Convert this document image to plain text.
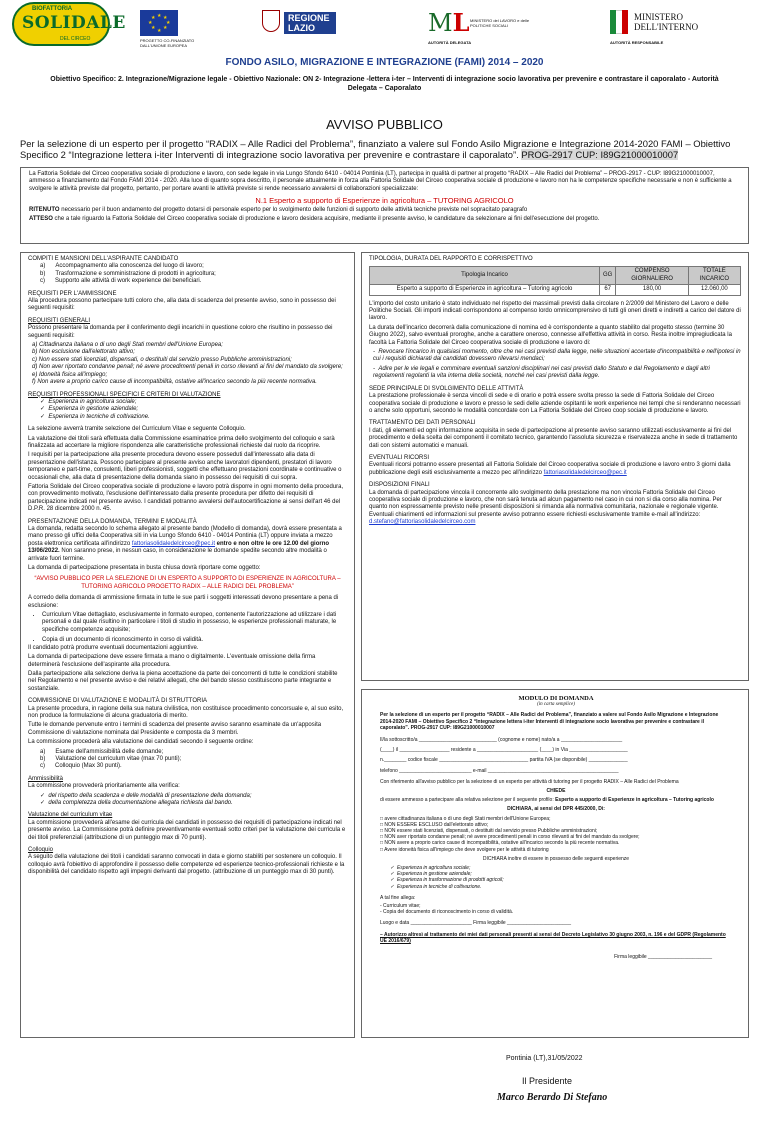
BIOFATTORIA
SOLIDALE
DEL CIRCEO
★ ★
★
★
★
★
★
★
PROGETTO CO-FINANZIATO DALL'UNIONE EUROPEA
REGIONE LAZIO	ML MINISTERO del LAVORO e delle POLITICHE SOCIALI
AUTORITÀ DELEGATA
MINISTERO DELL'INTERNO
AUTORITÀ RESPONSABILE
FONDO ASILO, MIGRAZIONE E INTEGRAZIONE (FAMI) 2014 – 2020
Obiettivo Specifico: 2. Integrazione/Migrazione legale - Obiettivo Nazionale: ON 2- Integrazione -lettera i-ter – Interventi di integrazione socio lavorativa per prevenire e contrastare il caporalato - Autorità Delegata – Caporalato
AVVISO PUBBLICO
Per la selezione di un esperto per il progetto “RADIX – Alle Radici del Problema”, finanziato a valere sul Fondo Asilo Migrazione e Integrazione 2014-2020 FAMI – Obiettivo Specifico 2 “Integrazione lettera i-iter Interventi di integrazione socio lavorativa per prevenire e contrastare il caporalato”. PROG-2917 CUP: I89G21000010007

La Fattoria Solidale del Circeo cooperativa sociale di produzione e lavoro, con sede legale in via Lungo Sfondo 6410 - 04014 Pontinia (LT), partecipa in qualità di partner al progetto “RADIX – Alle Radici del Problema” – PROG-2917 - CUP: I89G21000010007, ammesso a finanziamento dal Fondo FAMI 2014 - 2020. Alla luce di quanto sopra descritto, il personale attualmente in forza alla Fattoria Solidale del Circeo cooperativa sociale di produzione e lavoro non ha le competenze specifiche necessarie e non è sufficiente a svolgere le attività previste dal progetto, pertanto, per portare avanti le attività previste si rende necessario avvalersi di collaborazioni specializzate:

N.1 Esperto a supporto di Esperienze in agricoltura – TUTORING AGRICOLO

RITENUTO necessario per il buon andamento del progetto dotarsi di personale esperto per lo svolgimento delle funzioni di supporto delle attività tecniche previste nel sopracitato paragrafo

ATTESO che a tale riguardo la Fattoria Solidale del Circeo cooperativa sociale di produzione e lavoro desidera acquisire, mediante il presente avviso, le candidature da selezionare ai fini dell'esecuzione del progetto.

COMPITI E MANSIONI DELL'ASPIRANTE CANDIDATO
a)      Accompagnamento alla conoscenza del luogo di lavoro;
b)      Trasformazione e somministrazione di prodotti in agricoltura;
c)      Supporto alle attività di work experience dei beneficiari.
REQUISITI PER L'AMMISSIONE

Alla procedura possono partecipare tutti coloro che, alla data di scadenza del presente avviso, sono in possesso dei seguenti requisiti:

REQUISITI GENERALI

Possono presentare la domanda per il conferimento degli incarichi in questione coloro che risultino in possesso dei seguenti requisiti:

a) Cittadinanza italiana o di uno degli Stati membri dell'Unione Europea;
b) Non esclusione dall'elettorato attivo;
c) Non essere stati licenziati, dispensati, o destituiti dal servizio presso Pubbliche amministrazioni;
d) Non aver riportato condanne penali; né avere procedimenti penali in corso rilevanti ai fini del mandato da svolgere;
e) Idoneità fisica all'impiego;
f) Non avere a proprio carico cause di incompatibilità, ostative all'incarico secondo la più recente normativa.
REQUISITI PROFESSIONALI SPECIFICI E CRITERI DI VALUTAZIONE
✓  Esperienza in agricoltura sociale;
✓  Esperienza in gestione aziendale;
✓  Esperienza in tecniche di coltivazione.

La selezione avverrà tramite selezione del Curriculum Vitae e seguente Colloquio.

La valutazione dei titoli sarà effettuata dalla Commissione esaminatrice prima dello svolgimento del colloquio e sarà finalizzata ad accertare la migliore rispondenza alle caratteristiche professionali richieste dal ruolo da ricoprire.

I requisiti per la partecipazione alla presente procedura devono essere posseduti dall'interessato alla data di presentazione dell'istanza. Possono partecipare al presente avviso anche lavoratori dipendenti, prestatori di lavoro temporaneo e part-time, consulenti, liberi professionisti, soggetti che effettuano prestazioni coordinate e continuative o occasionali che, alla data di presentazione della domanda siano in possesso dei requisiti di cui sopra.

Fattoria Solidale del Circeo cooperativa sociale di produzione e lavoro potrà disporre in ogni momento della procedura, con provvedimento motivato, l'esclusione dell'interessato dalla presente procedura per difetto dei requisiti di partecipazione indicati nel presente avviso. I candidati potranno avvalersi dell'autocertificazione ai sensi dell'art 46 del D.P.R. 28 dicembre 2000 n. 45.

PRESENTAZIONE DELLA DOMANDA, TERMINI E MODALITÀ

La domanda, redatta secondo lo schema allegato al presente bando (Modello di domanda), dovrà essere presentata a mano presso gli uffici della Cooperativa siti in via Lungo Sfondo 6410 - 04014 Pontinia (LT) oppure inviata a mezzo posta elettronica certificata all'indirizzo fattoriasolidaledelcirceo@pec.it entro e non oltre le ore 12.00 del giorno 13/06/2022. Non saranno prese, in nessun caso, in considerazione le domande spedite secondo altre modalità o arrivate fuori termine.

La domanda di partecipazione presentata in busta chiusa dovrà riportare come oggetto:

“AVVISO PUBBLICO PER LA SELEZIONE DI UN ESPERTO A SUPPORTO DI ESPERIENZE IN AGRICOLTURA – TUTORING AGRICOLO PROGETTO RADIX – ALLE RADICI DEL PROBLEMA”

A corredo della domanda di ammissione firmata in tutte le sue parti i soggetti interessati devono presentare a pena di esclusione:

• Curriculum Vitae dettagliato, esclusivamente in formato europeo, contenente l'autorizzazione ad utilizzare i dati personali e dal quale risultino in particolare i titoli di studio in possesso, le esperienze professionali maturate, le specifiche competenze acquisite;
• Copia di un documento di riconoscimento in corso di validità.

Il candidato potrà produrre eventuali documentazioni aggiuntive.

La domanda di partecipazione deve essere firmata a mano o digitalmente. L'eventuale omissione della firma determinerà l'esclusione dell'aspirante alla procedura.

Dalla partecipazione alla selezione deriva la piena accettazione da parte dei concorrenti di tutte le condizioni stabilite nel Regolamento e nel presente avviso e dei relativi allegati, che del bando stesso costituiscono parte integrante e sostanziale.

COMMISSIONE DI VALUTAZIONE E MODALITÀ DI STRUTTORIA

La presente procedura, in ragione della sua natura civilistica, non costituisce procedimento concorsuale e, al suo esito, non produce la formulazione di alcuna graduatoria di merito.

Tutte le domande pervenute entro i termini di scadenza del presente avviso saranno esaminate da un'apposita Commissione di valutazione nominata dal Presidente e composta da 3 membri.

La commissione procederà alla valutazione dei candidati secondo il seguente ordine:

a)      Esame dell'ammissibilità delle domande;
b)      Valutazione del curriculum vitae (max 70 punti);
c)      Colloquio (Max 30 punti).
Ammissibilità

La commissione provvederà prioritariamente alla verifica:

✓  del rispetto della scadenza e delle modalità di presentazione della domanda;
✓  della completezza della documentazione allegata richiesta dal bando.
Valutazione del curriculum vitae

La commissione provvederà all'esame dei curricula dei candidati in possesso dei requisiti di partecipazione indicati nel presente avviso. La Commissione potrà definire preventivamente eventuali sotto criteri per la valutazione dei curricula e dei titoli preferenziali (attribuzione di un punteggio max di 70 punti).

Colloquio

A seguito della valutazione dei titoli i candidati saranno convocati in data e giorno stabiliti per sostenere un colloquio. Il colloquio avrà l'obiettivo di approfondire il possesso delle competenze ed esperienze tecnico-professionali richieste e la disponibilità del candidato rispetto agli impegni derivanti dal progetto. (attribuzione di un punteggio max di 30 punti).

TIPOLOGIA, DURATA DEL RAPPORTO E CORRISPETTIVO
Tipologia Incarico	GG	COMPENSO GIORNALIERO	TOTALE INCARICO
Esperto a supporto di Esperienze in agricoltura – Tutoring agricolo	67	180,00	12.060,00

L'importo del costo unitario è stato individuato nel rispetto dei massimali previsti dalla circolare n 2/2009 del Ministero del Lavoro e delle Politiche Sociali. Gli importi indicati corrispondono al compenso lordo omnicomprensivo di tutti gli oneri diretti e indiretti a carico del datore di lavoro.

La durata dell'incarico decorrerà dalla comunicazione di nomina ed è corrispondente a quanto stabilito dal progetto stesso (termine 30 Giugno 2022), salvo eventuali proroghe, anche a carattere oneroso, connesse all'effettiva attività in corso. Resta inoltre impregiudicata la facoltà La Fattoria Solidale del Circeo cooperativa sociale di produzione e lavoro di:

-  Revocare l'incarico in qualsiasi momento, oltre che nei casi previsti dalla legge, nelle situazioni accertate d'incompatibilità e nell'ipotesi in cui i requisiti dichiarati dai candidati dovessero rilevarsi mendaci;
-  Adire per le vie legali e comminare eventuali sanzioni disciplinari nei casi previsti dallo Statuto e dal Regolamento e dagli altri regolamenti regolanti la vita interna della società, nonché nei casi previsti dalla legge.
SEDE PRINCIPALE DI SVOLGIMENTO DELLE ATTIVITÀ

La prestazione professionale è senza vincoli di sede e di orario e potrà essere svolta presso la sede di Fattoria Solidale del Circeo cooperativa sociale di produzione e lavoro e presso le sedi delle aziende ospitanti le work experience nei tempi che si renderanno necessari o anche solo opportuni, secondo le modalità concordate con La Fattoria Solidale del Circeo coop sociale di produzione e lavoro.

TRATTAMENTO DEI DATI PERSONALI

I dati, gli elementi ed ogni informazione acquisita in sede di partecipazione al presente avviso saranno utilizzati esclusivamente ai fini del procedimento e della scelta dei componenti il comitato tecnico, garantendo l'assoluta sicurezza e riservatezza anche in sede di trattamento dati con sistemi automatici e manuali.

EVENTUALI RICORSI

Eventuali ricorsi potranno essere presentati all Fattoria Solidale del Circeo cooperativa sociale di produzione e lavoro entro 3 giorni dalla pubblicazione degli esiti esclusivamente a mezzo pec all'indirizzo fattoriasolidaledelcirceo@pec.it

DISPOSIZIONI FINALI

La domanda di partecipazione vincola il concorrente allo svolgimento della prestazione ma non vincola Fattoria Solidale del Circeo cooperativa sociale di produzione e lavoro, che non sarà tenuta ad alcun pagamento nel caso in cui non si dia corso alla nomina. Per quanto non espressamente previsto nelle presenti disposizioni si rimanda alla normativa comunitaria, nazionale e regionale vigente. Eventuali chiarimenti ed informazioni sul presente avviso potranno essere richiesti esclusivamente tramite e-mail all'indirizzo: d.stefano@fattoriasolidaledelcirceo.com

MODULO DI DOMANDA
(in carta semplice)

Per la selezione di un esperto per il progetto “RADIX – Alle Radici del Problema”, finanziato a valere sul Fondo Asilo Migrazione e Integrazione 2014-2020 FAMI – Obiettivo Specifico 2 “Integrazione lettera i-iter Interventi di integrazione socio lavorativa per prevenire e contrastare il caporalato”. PROG-2917 CUP: I89G21000010007

Il/la sottoscritto/a ____________________________ (cognome e nome) nato/a a ______________________

(____) il __________________ residente a ______________________ (____) in Via _____________________

n.________ codice fiscale ________________________________ partita IVA (se disponibile) ______________

telefono __________________________ e-mail _______________________________________________

Con riferimento all'avviso pubblico per la selezione di un esperto per attività di tutoring per il progetto RADIX – Alle Radici del Problema

CHIEDE

di essere ammesso a partecipare alla relativa selezione per il seguente profilo: Esperto a supporto di Esperienze in agricoltura – Tutoring agricolo

DICHIARA, ai sensi del DPR 445/2000, Di:
□ avere cittadinanza italiana o di uno degli Stati membri dell'Unione Europea;
□ NON ESSERE ESCLUSO dall'elettorato attivo;
□ NON essere stati licenziati, dispensati, o destituiti dal servizio presso Pubbliche amministrazioni;
□ NON aver riportato condanne penali; né avere procedimenti penali in corso rilevanti ai fini del mandato da svolgere;
□ NON avere a proprio carico cause di incompatibilità, ostative all'incarico secondo la più recente normativa.
□ Avere idoneità fisica all'impiego che deve svolgere per le attività di tutoring
DICHIARA inoltre di essere in possesso delle seguenti esperienze
✓  Esperienza in agricoltura sociale;
✓  Esperienza in gestione aziendale;
✓  Esperienza in trasformazione di prodotti agricoli;
✓  Esperienza in tecniche di coltivazione.

A tal fine allega:

- Curriculum vitae;
- Copia del documento di riconoscimento in corso di validità.

Luogo e data ______________________ Firma leggibile _______________________

– Autorizzo altresì al trattamento dei miei dati personali presenti ai sensi del Decreto Legislativo 30 giugno 2003, n. 196 e del GDPR (Regolamento UE 2016/679)

Firma leggibile _______________________

Pontinia (LT),31/05/2022
Il Presidente
Marco Berardo Di Stefano
